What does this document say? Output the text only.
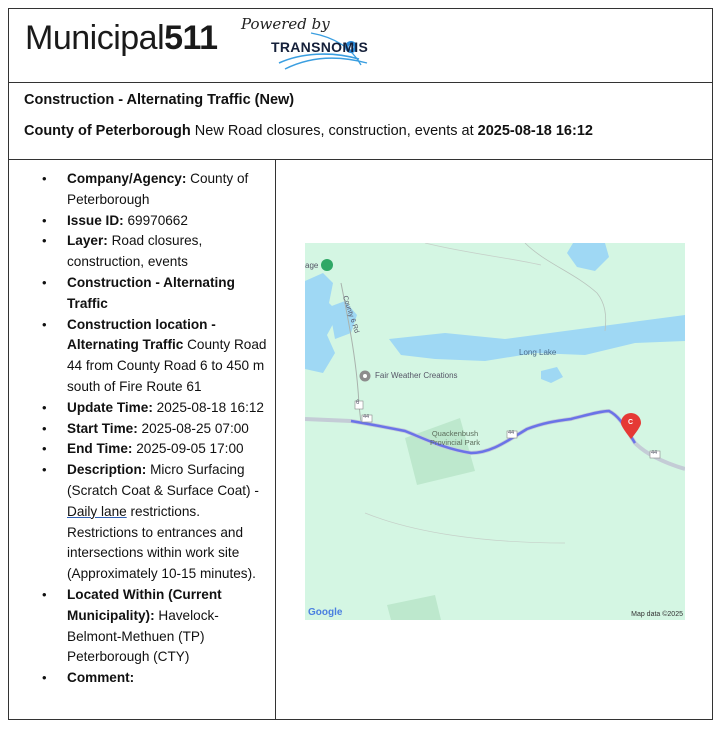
Municipal511 Powered by
TRANSNOMIS
Construction - Alternating Traffic (New)
County of Peterborough New Road closures, construction, events at 2025-08-18 16:12
• Company/Agency: County of Peterborough
• Issue ID: 69970662
• Layer: Road closures, construction, events
• Construction - Alternating Traffic
• Construction location - Alternating Traffic County Road 44 from County Road 6 to 450 m south of Fire Route 61
• Update Time: 2025-08-18 16:12
• Start Time: 2025-08-25 07:00
• End Time: 2025-09-05 17:00
• Description: Micro Surfacing (Scratch Coat & Surface Coat) - Daily lane restrictions. Restrictions to entrances and intersections within work site (Approximately 10-15 minutes).
• Located Within (Current Municipality): Havelock-Belmont-Methuen (TP) Peterborough (CTY)
• Comment:
age
County 6 Rd
Fair Weather Creations
Long Lake
Quackenbush Provincial Park
6
44
44
44
C
Google	Map data ©2025
